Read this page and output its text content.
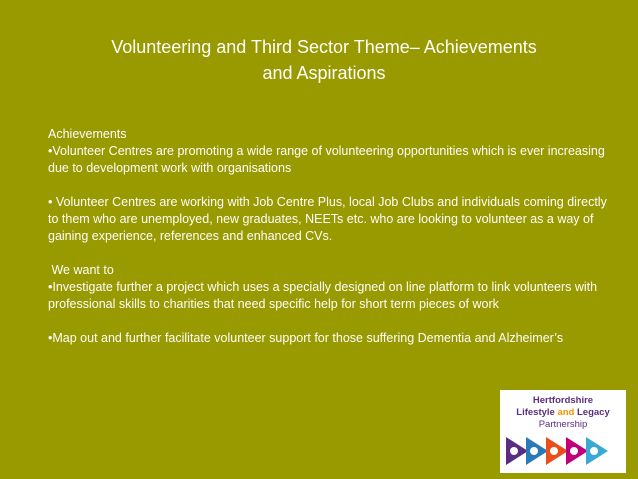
Volunteering and Third Sector Theme– Achievements
and Aspirations

Achievements

•Volunteer Centres are promoting a wide range of volunteering opportunities which is ever increasing due to development work with organisations

• Volunteer Centres are working with Job Centre Plus, local Job Clubs and individuals coming directly to them who are unemployed, new graduates, NEETs etc. who are looking to volunteer as a way of gaining experience, references and enhanced CVs.

We want to

•Investigate further a project which uses a specially designed on line platform to link volunteers with professional skills to charities that need specific help for short term pieces of work

•Map out and further facilitate volunteer support for those suffering Dementia and Alzheimer’s

Hertfordshire
Lifestyle and Legacy
Partnership
